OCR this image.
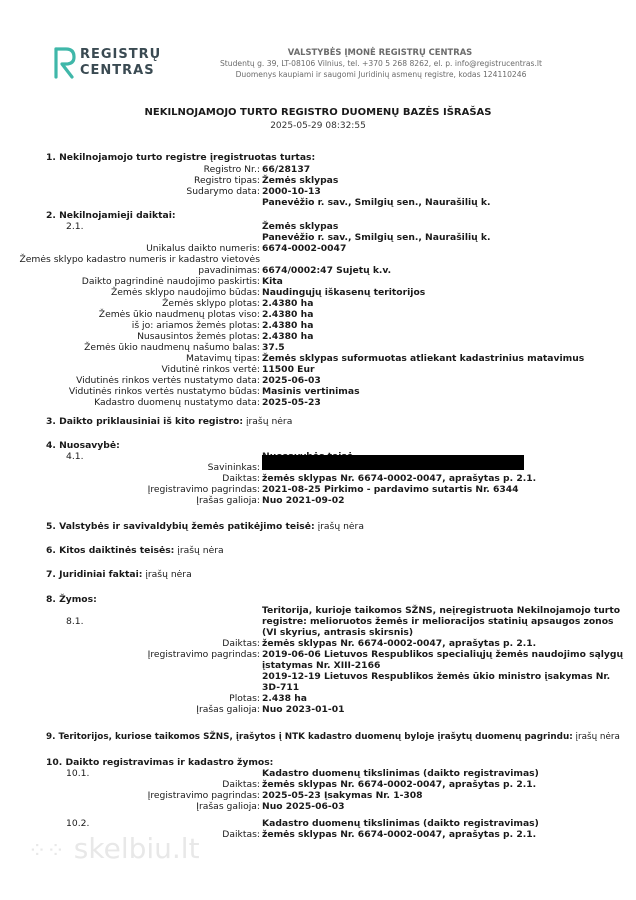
REGISTRŲ
CENTRAS
VALSTYBĖS ĮMONĖ REGISTRŲ CENTRAS
Studentų g. 39, LT-08106 Vilnius, tel. +370 5 268 8262, el. p. info@registrucentras.lt
Duomenys kaupiami ir saugomi Juridinių asmenų registre, kodas 124110246
NEKILNOJAMOJO TURTO REGISTRO DUOMENŲ BAZĖS IŠRAŠAS
2025-05-29 08:32:55
1. Nekilnojamojo turto registre įregistruotas turtas:
Registro Nr.: 66/28137
Registro tipas: Žemės sklypas
Sudarymo data: 2000-10-13
Panevėžio r. sav., Smilgių sen., Naurašilių k.
2. Nekilnojamieji daiktai:
2.1.	Žemės sklypas
Panevėžio r. sav., Smilgių sen., Naurašilių k.
Unikalus daikto numeris: 6674-0002-0047
Žemės sklypo kadastro numeris ir kadastro vietovės
pavadinimas: 6674/0002:47 Sujetų k.v.
Daikto pagrindinė naudojimo paskirtis: Kita
Žemės sklypo naudojimo būdas: Naudingųjų iškasenų teritorijos
Žemės sklypo plotas: 2.4380 ha
Žemės ūkio naudmenų plotas viso: 2.4380 ha
iš jo: ariamos žemės plotas: 2.4380 ha
Nusausintos žemės plotas: 2.4380 ha
Žemės ūkio naudmenų našumo balas: 37.5
Matavimų tipas: Žemės sklypas suformuotas atliekant kadastrinius matavimus
Vidutinė rinkos vertė: 11500 Eur
Vidutinės rinkos vertės nustatymo data: 2025-06-03
Vidutinės rinkos vertės nustatymo būdas: Masinis vertinimas
Kadastro duomenų nustatymo data: 2025-05-23
3. Daikto priklausiniai iš kito registro: įrašų nėra
4. Nuosavybė:
4.1.
Savininkas:
Daiktas: žemės sklypas Nr. 6674-0002-0047, aprašytas p. 2.1.
Įregistravimo pagrindas: 2021-08-25 Pirkimo - pardavimo sutartis Nr. 6344
Įrašas galioja: Nuo 2021-09-02
5. Valstybės ir savivaldybių žemės patikėjimo teisė: įrašų nėra
6. Kitos daiktinės teisės: įrašų nėra
7. Juridiniai faktai: įrašų nėra
8. Žymos:
8.1.
Teritorija, kurioje taikomos SŽNS, neįregistruota Nekilnojamojo turto
registre: melioruotos žemės ir melioracijos statinių apsaugos zonos
(VI skyrius, antrasis skirsnis)
Daiktas: žemės sklypas Nr. 6674-0002-0047, aprašytas p. 2.1.
Įregistravimo pagrindas: 2019-06-06 Lietuvos Respublikos specialiųjų žemės naudojimo sąlygų
įstatymas Nr. XIII-2166
2019-12-19 Lietuvos Respublikos žemės ūkio ministro įsakymas Nr.
3D-711
Plotas: 2.438 ha
Įrašas galioja: Nuo 2023-01-01
9. Teritorijos, kuriose taikomos SŽNS, įrašytos į NTK kadastro duomenų byloje įrašytų duomenų pagrindu: įrašų nėra
10. Daikto registravimas ir kadastro žymos:
10.1.	Kadastro duomenų tikslinimas (daikto registravimas)
Daiktas: žemės sklypas Nr. 6674-0002-0047, aprašytas p. 2.1.
Įregistravimo pagrindas: 2025-05-23 Įsakymas Nr. 1-308
Įrašas galioja: Nuo 2025-06-03
10.2.	Kadastro duomenų tikslinimas (daikto registravimas)
Daiktas: žemės sklypas Nr. 6674-0002-0047, aprašytas p. 2.1.
⁘⁘ skelbiu.lt
